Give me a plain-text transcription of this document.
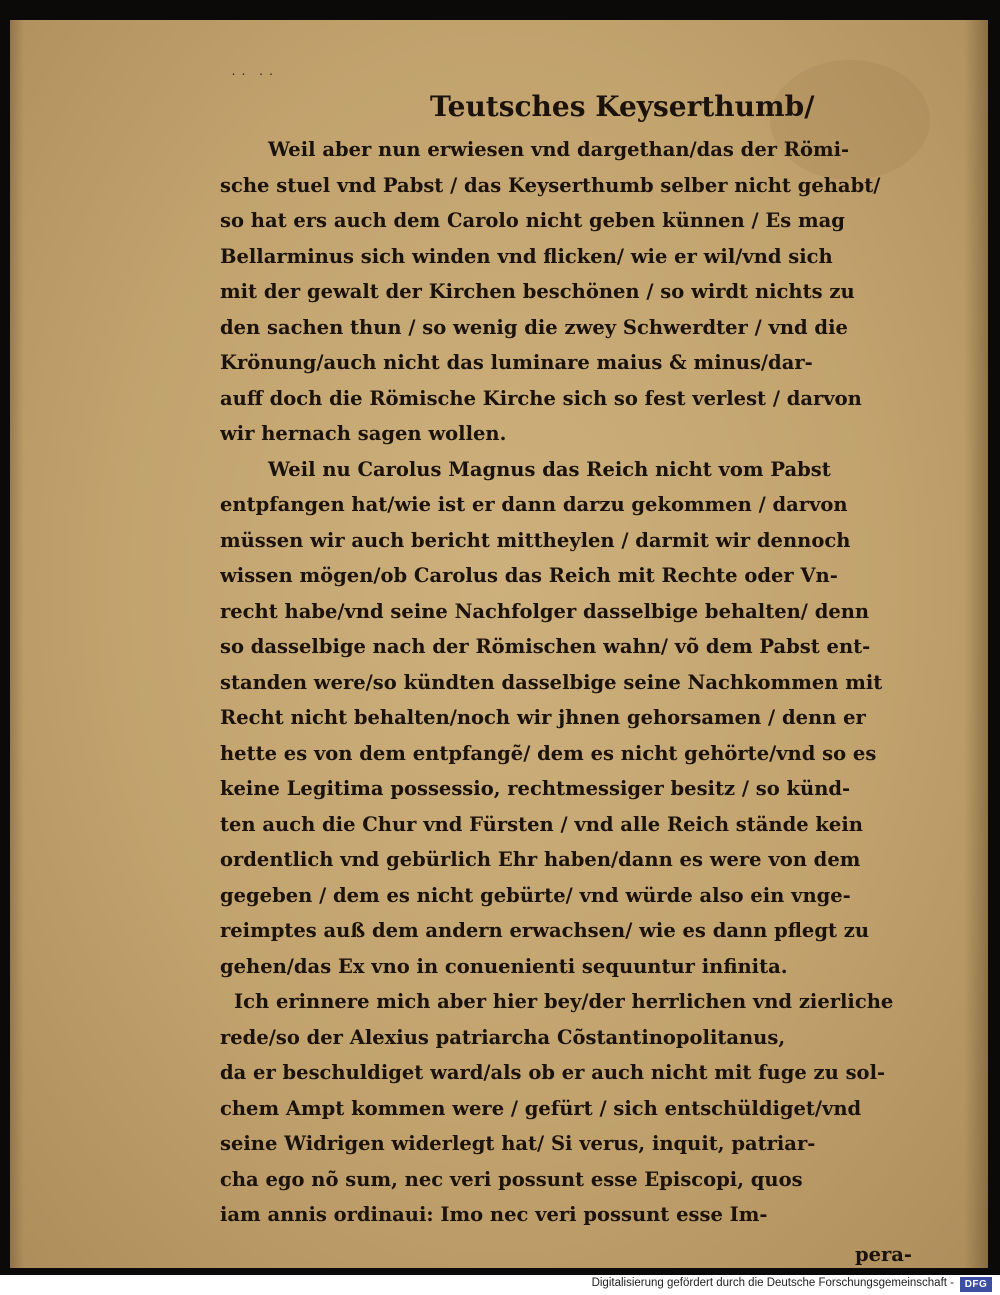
˙˙ ˙˙
Teutsches Keyserthumb/
Weil aber nun erwiesen vnd dargethan/das der Römi-
sche stuel vnd Pabst / das Keyserthumb selber nicht gehabt/
so hat ers auch dem Carolo nicht geben künnen / Es mag
Bellarminus sich winden vnd flicken/ wie er wil/vnd sich
mit der gewalt der Kirchen beschönen / so wirdt nichts zu
den sachen thun / so wenig die zwey Schwerdter / vnd die
Krönung/auch nicht das luminare maius & minus/dar-
auff doch die Römische Kirche sich so fest verlest / darvon
wir hernach sagen wollen.
Weil nu Carolus Magnus das Reich nicht vom Pabst
entpfangen hat/wie ist er dann darzu gekommen / darvon
müssen wir auch bericht mittheylen / darmit wir dennoch
wissen mögen/ob Carolus das Reich mit Rechte oder Vn-
recht habe/vnd seine Nachfolger dasselbige behalten/ denn
so dasselbige nach der Römischen wahn/ võ dem Pabst ent-
standen were/so kündten dasselbige seine Nachkommen mit
Recht nicht behalten/noch wir jhnen gehorsamen / denn er
hette es von dem entpfangẽ/ dem es nicht gehörte/vnd so es
keine Legitima possessio, rechtmessiger besitz / so künd-
ten auch die Chur vnd Fürsten / vnd alle Reich stände kein
ordentlich vnd gebürlich Ehr haben/dann es were von dem
gegeben / dem es nicht gebürte/ vnd würde also ein vnge-
reimptes auß dem andern erwachsen/ wie es dann pflegt zu
gehen/das Ex vno in conuenienti sequuntur infinita.
Ich erinnere mich aber hier bey/der herrlichen vnd zierliche
rede/so der Alexius patriarcha Cõstantinopolitanus,
da er beschuldiget ward/als ob er auch nicht mit fuge zu sol-
chem Ampt kommen were / gefürt / sich entschüldiget/vnd
seine Widrigen widerlegt hat/ Si verus, inquit, patriar-
cha ego nõ sum, nec veri possunt esse Episcopi, quos
iam annis ordinaui: Imo nec veri possunt esse Im-
pera-
Digitalisierung gefördert durch die Deutsche Forschungsgemeinschaft -	DFG
